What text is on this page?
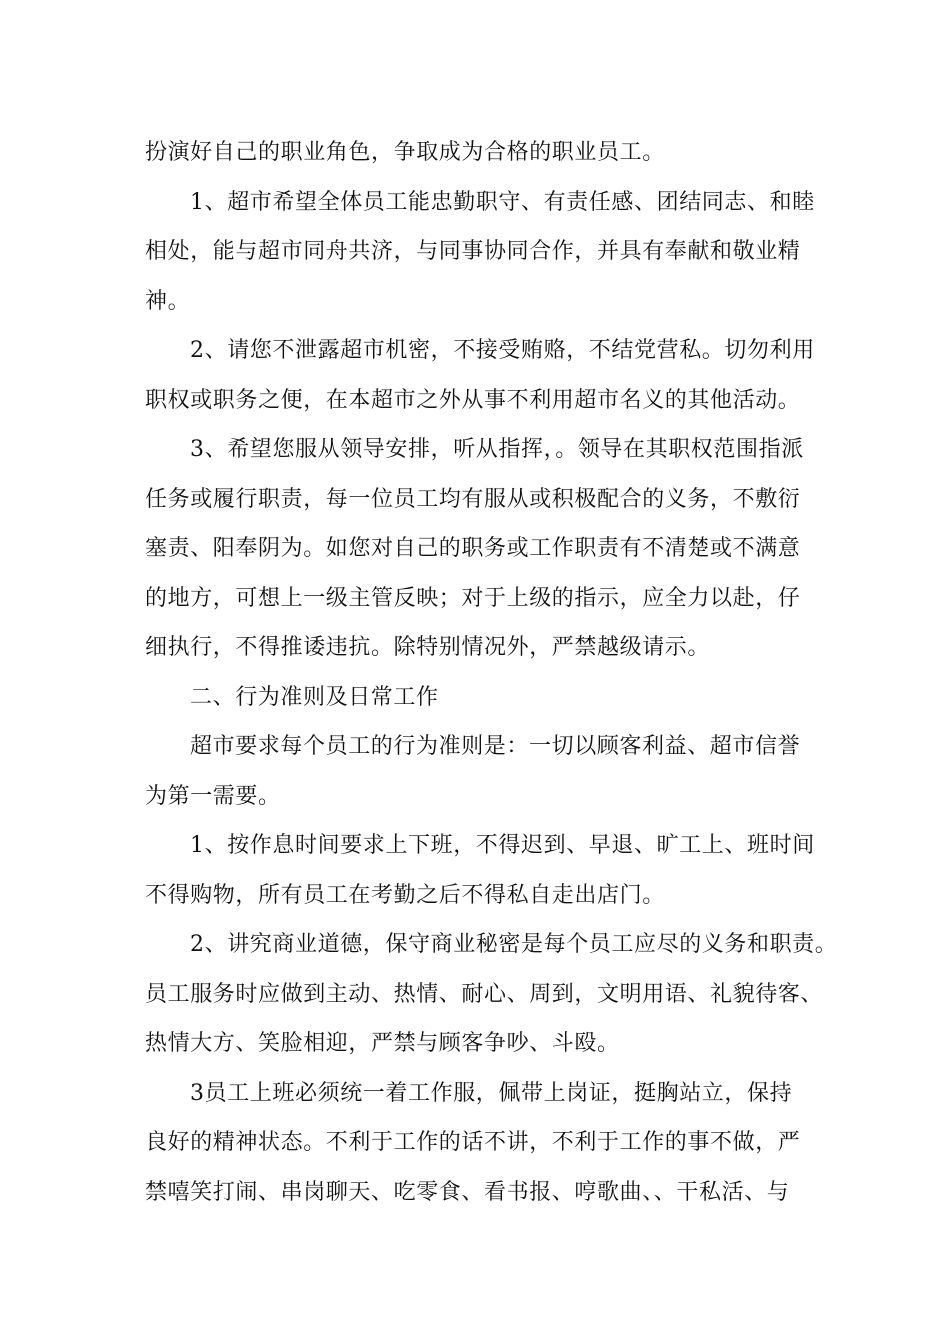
扮演好自己的职业角色，争取成为合格的职业员工。
1、超市希望全体员工能忠勤职守、有责任感、团结同志、和睦
相处，能与超市同舟共济，与同事协同合作，并具有奉献和敬业精
神。
2、请您不泄露超市机密，不接受贿赂，不结党营私。切勿利用
职权或职务之便，在本超市之外从事不利用超市名义的其他活动。
3、希望您服从领导安排，听从指挥，。领导在其职权范围指派
任务或履行职责，每一位员工均有服从或积极配合的义务，不敷衍
塞责、阳奉阴为。如您对自己的职务或工作职责有不清楚或不满意
的地方，可想上一级主管反映；对于上级的指示，应全力以赴，仔
细执行，不得推诿违抗。除特别情况外，严禁越级请示。
二、行为准则及日常工作
超市要求每个员工的行为准则是：一切以顾客利益、超市信誉
为第一需要。
1、按作息时间要求上下班，不得迟到、早退、旷工上、班时间
不得购物，所有员工在考勤之后不得私自走出店门。
2、讲究商业道德，保守商业秘密是每个员工应尽的义务和职责。
员工服务时应做到主动、热情、耐心、周到，文明用语、礼貌待客、
热情大方、笑脸相迎，严禁与顾客争吵、斗殴。
3员工上班必须统一着工作服，佩带上岗证，挺胸站立，保持
良好的精神状态。不利于工作的话不讲，不利于工作的事不做，严
禁嘻笑打闹、串岗聊天、吃零食、看书报、哼歌曲、、干私活、与
